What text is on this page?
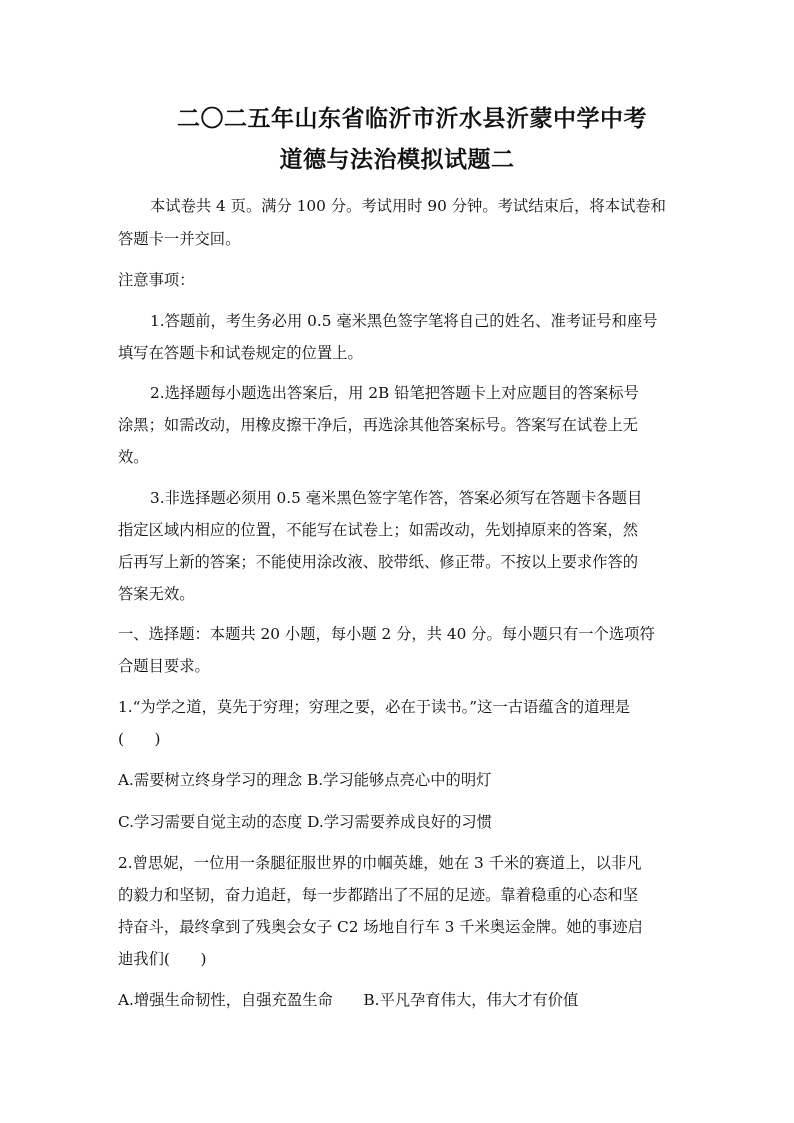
二〇二五年山东省临沂市沂水县沂蒙中学中考
道德与法治模拟试题二
本试卷共 4 页。满分 100 分。考试用时 90 分钟。考试结束后，将本试卷和
答题卡一并交回。
注意事项：
1.答题前，考生务必用 0.5 毫米黑色签字笔将自己的姓名、准考证号和座号
填写在答题卡和试卷规定的位置上。
2.选择题每小题选出答案后，用 2B 铅笔把答题卡上对应题目的答案标号
涂黑；如需改动，用橡皮擦干净后，再选涂其他答案标号。答案写在试卷上无
效。
3.非选择题必须用 0.5 毫米黑色签字笔作答，答案必须写在答题卡各题目
指定区域内相应的位置，不能写在试卷上；如需改动，先划掉原来的答案，然
后再写上新的答案；不能使用涂改液、胶带纸、修正带。不按以上要求作答的
答案无效。
一、选择题：本题共 20 小题，每小题 2 分，共 40 分。每小题只有一个选项符
合题目要求。
1.“为学之道，莫先于穷理；穷理之要，必在于读书。”这一古语蕴含的道理是
(　　)
A.需要树立终身学习的理念 B.学习能够点亮心中的明灯
C.学习需要自觉主动的态度 D.学习需要养成良好的习惯
2.曾思妮，一位用一条腿征服世界的巾帼英雄，她在 3 千米的赛道上，以非凡
的毅力和坚韧，奋力追赶，每一步都踏出了不屈的足迹。靠着稳重的心态和坚
持奋斗，最终拿到了残奥会女子 C2 场地自行车 3 千米奥运金牌。她的事迹启
迪我们(　　)
A.增强生命韧性，自强充盈生命　　B.平凡孕育伟大，伟大才有价值
